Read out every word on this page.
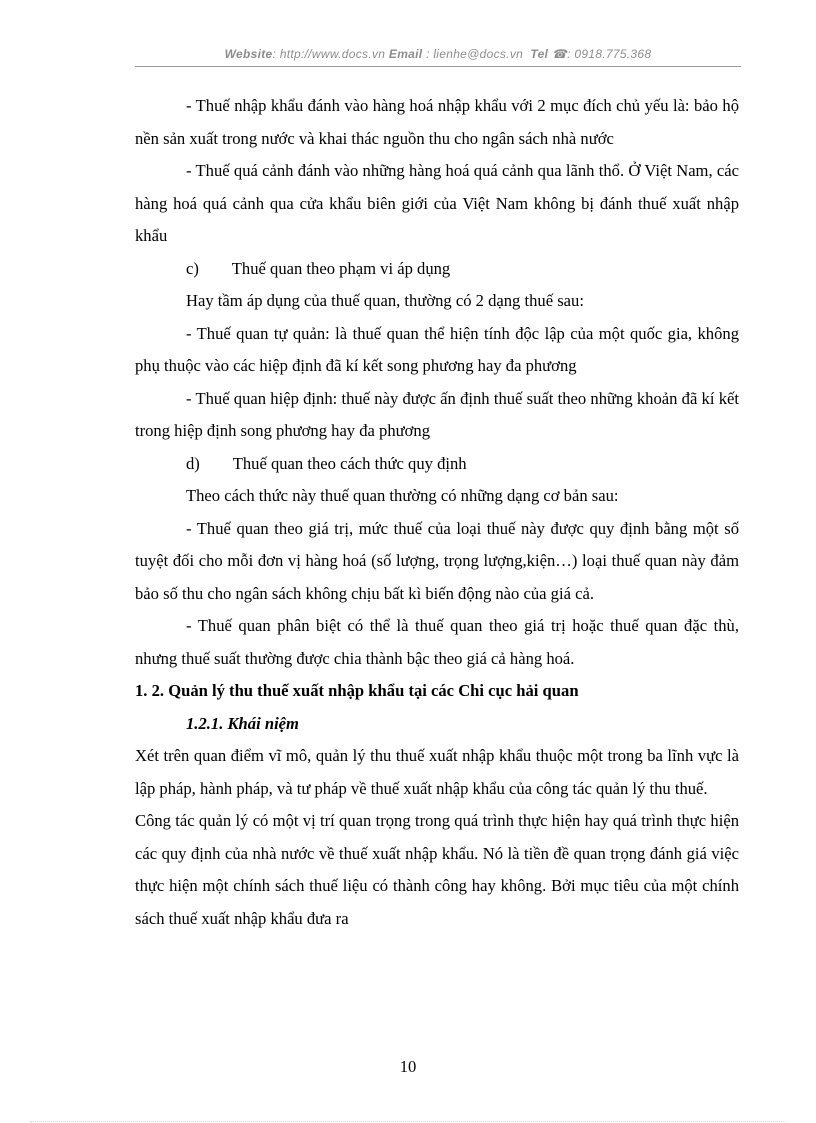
Website: http://www.docs.vn Email : lienhe@docs.vn Tel ☎: 0918.775.368

- Thuế nhập khẩu đánh vào hàng hoá nhập khẩu với 2 mục đích chủ yếu là: bảo hộ nền sản xuất trong nước và khai thác nguồn thu cho ngân sách nhà nước

- Thuế quá cảnh đánh vào những hàng hoá quá cảnh qua lãnh thổ. Ở Việt Nam, các hàng hoá quá cảnh qua cửa khẩu biên giới của Việt Nam không bị đánh thuế xuất nhập khẩu

c)        Thuế quan theo phạm vi áp dụng

Hay tầm áp dụng của thuế quan, thường có 2 dạng thuế sau:

- Thuế quan tự quản: là thuế quan thể hiện tính độc lập của một quốc gia, không phụ thuộc vào các hiệp định đã kí kết song phương hay đa phương

- Thuế quan hiệp định: thuế này được ấn định thuế suất theo những khoản đã kí kết trong hiệp định song phương hay đa phương

d)        Thuế quan theo cách thức quy định

Theo cách thức này thuế quan thường có những dạng cơ bản sau:

- Thuế quan theo giá trị, mức thuế của loại thuế này được quy định bằng một số tuyệt đối cho mỗi đơn vị hàng hoá (số lượng, trọng lượng,kiện…) loại thuế quan này đảm bảo số thu cho ngân sách không chịu bất kì biến động nào của giá cả.

- Thuế quan phân biệt có thể là thuế quan theo giá trị hoặc thuế quan đặc thù, nhưng thuế suất thường được chia thành bậc theo giá cả hàng hoá.

1. 2. Quản lý thu thuế xuất nhập khẩu tại các Chi cục hải quan

1.2.1. Khái niệm

Xét trên quan điểm vĩ mô, quản lý thu thuế xuất nhập khẩu thuộc một trong ba lĩnh vực là lập pháp, hành pháp, và tư pháp về thuế xuất nhập khẩu của công tác quản lý thu thuế.

Công tác quản lý có một vị trí quan trọng trong quá trình thực hiện hay quá trình thực hiện các quy định của nhà nước về thuế xuất nhập khẩu. Nó là tiền đề quan trọng đánh giá việc thực hiện một chính sách thuế liệu có thành công hay không. Bởi mục tiêu của một chính sách thuế xuất nhập khẩu đưa ra

10
